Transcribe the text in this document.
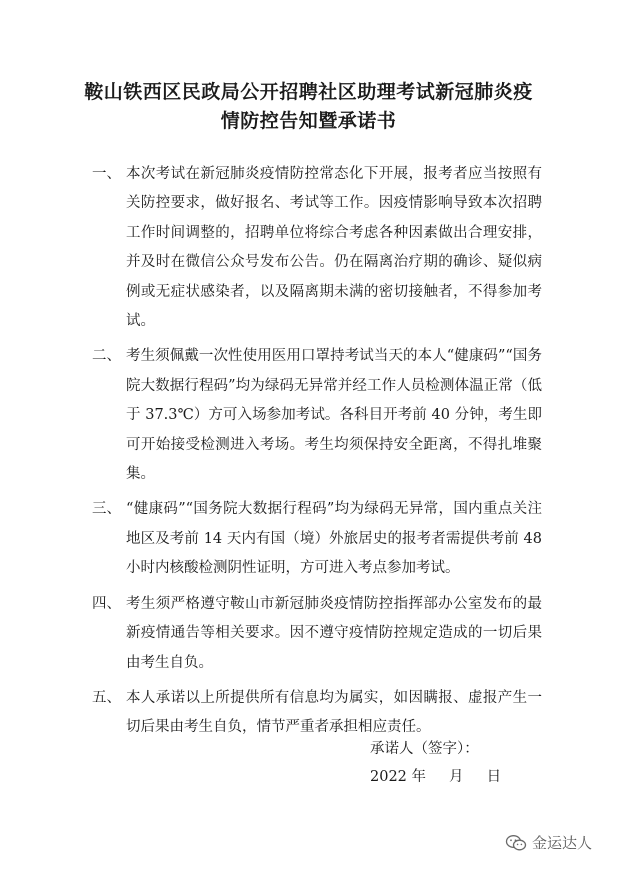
鞍山铁西区民政局公开招聘社区助理考试新冠肺炎疫
情防控告知暨承诺书
一、 本次考试在新冠肺炎疫情防控常态化下开展，报考者应当按照有关防控要求，做好报名、考试等工作。因疫情影响导致本次招聘工作时间调整的，招聘单位将综合考虑各种因素做出合理安排，并及时在微信公众号发布公告。仍在隔离治疗期的确诊、疑似病例或无症状感染者，以及隔离期未满的密切接触者，不得参加考试。
二、 考生须佩戴一次性使用医用口罩持考试当天的本人“健康码”“国务院大数据行程码”均为绿码无异常并经工作人员检测体温正常（低于 37.3℃）方可入场参加考试。各科目开考前 40 分钟，考生即可开始接受检测进入考场。考生均须保持安全距离，不得扎堆聚集。
三、 “健康码”“国务院大数据行程码”均为绿码无异常，国内重点关注地区及考前 14 天内有国（境）外旅居史的报考者需提供考前 48 小时内核酸检测阴性证明，方可进入考点参加考试。
四、 考生须严格遵守鞍山市新冠肺炎疫情防控指挥部办公室发布的最新疫情通告等相关要求。因不遵守疫情防控规定造成的一切后果由考生自负。
五、 本人承诺以上所提供所有信息均为属实，如因瞒报、虚报产生一切后果由考生自负，情节严重者承担相应责任。
承诺人（签字）：
2022 年     月     日
金运达人
